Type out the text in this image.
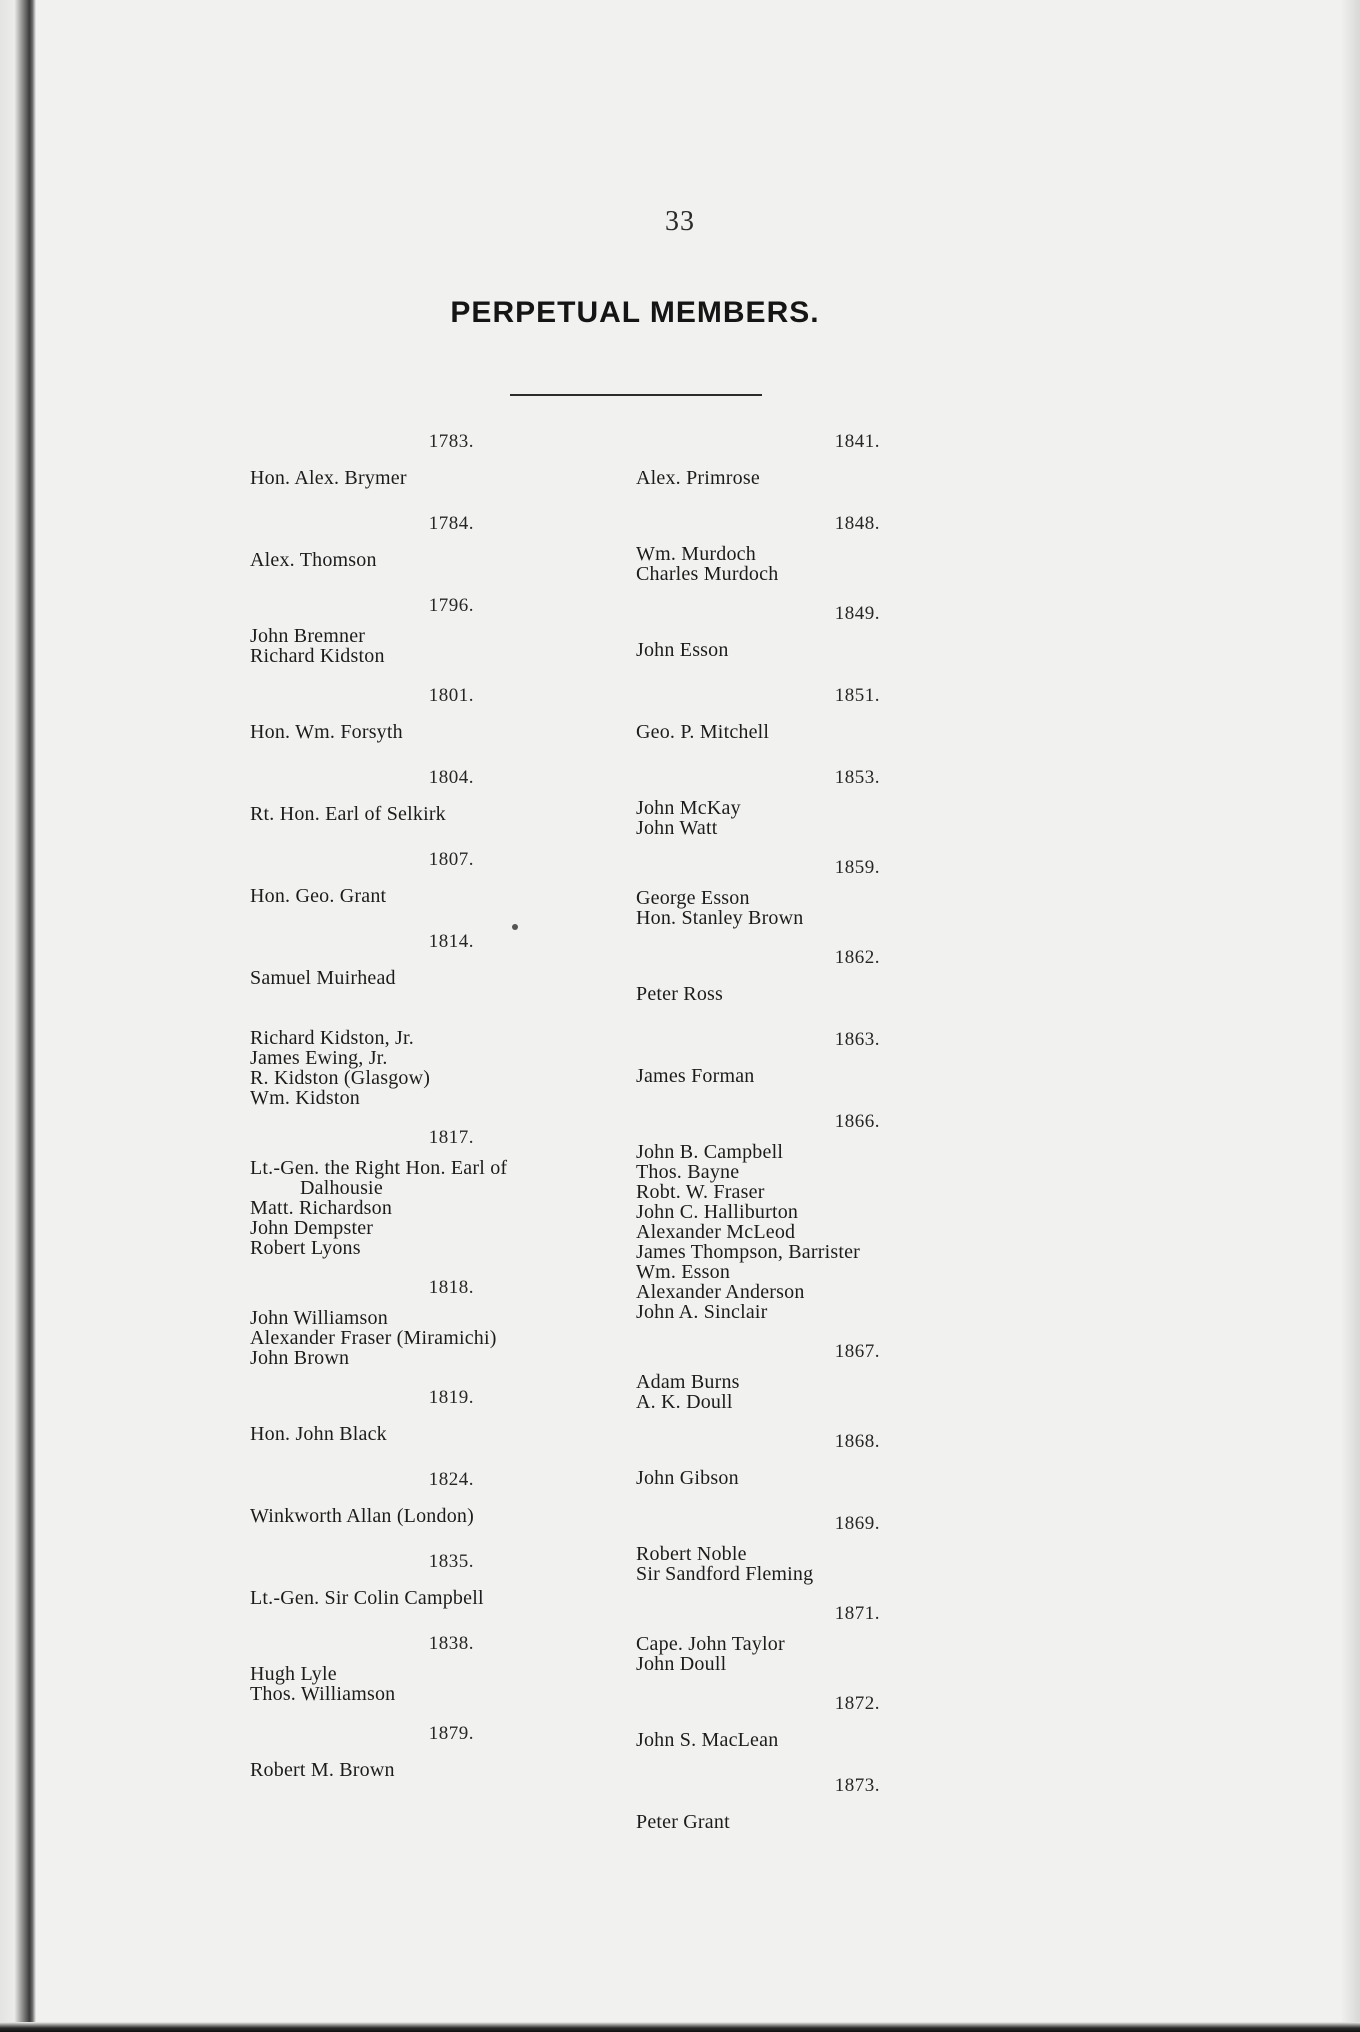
33
PERPETUAL MEMBERS.
1783.
Hon. Alex. Brymer
1784.
Alex. Thomson
1796.
John Bremner
Richard Kidston
1801.
Hon. Wm. Forsyth
1804.
Rt. Hon. Earl of Selkirk
1807.
Hon. Geo. Grant
1814.
Samuel Muirhead
Richard Kidston, Jr.
James Ewing, Jr.
R. Kidston (Glasgow)
Wm. Kidston
1817.
Lt.-Gen. the Right Hon. Earl of
Dalhousie
Matt. Richardson
John Dempster
Robert Lyons
1818.
John Williamson
Alexander Fraser (Miramichi)
John Brown
1819.
Hon. John Black
1824.
Winkworth Allan (London)
1835.
Lt.-Gen. Sir Colin Campbell
1838.
Hugh Lyle
Thos. Williamson
1879.
Robert M. Brown
1841.
Alex. Primrose
1848.
Wm. Murdoch
Charles Murdoch
1849.
John Esson
1851.
Geo. P. Mitchell
1853.
John McKay
John Watt
1859.
George Esson
Hon. Stanley Brown
1862.
Peter Ross
1863.
James Forman
1866.
John B. Campbell
Thos. Bayne
Robt. W. Fraser
John C. Halliburton
Alexander McLeod
James Thompson, Barrister
Wm. Esson
Alexander Anderson
John A. Sinclair
1867.
Adam Burns
A. K. Doull
1868.
John Gibson
1869.
Robert Noble
Sir Sandford Fleming
1871.
Cape. John Taylor
John Doull
1872.
John S. MacLean
1873.
Peter Grant
